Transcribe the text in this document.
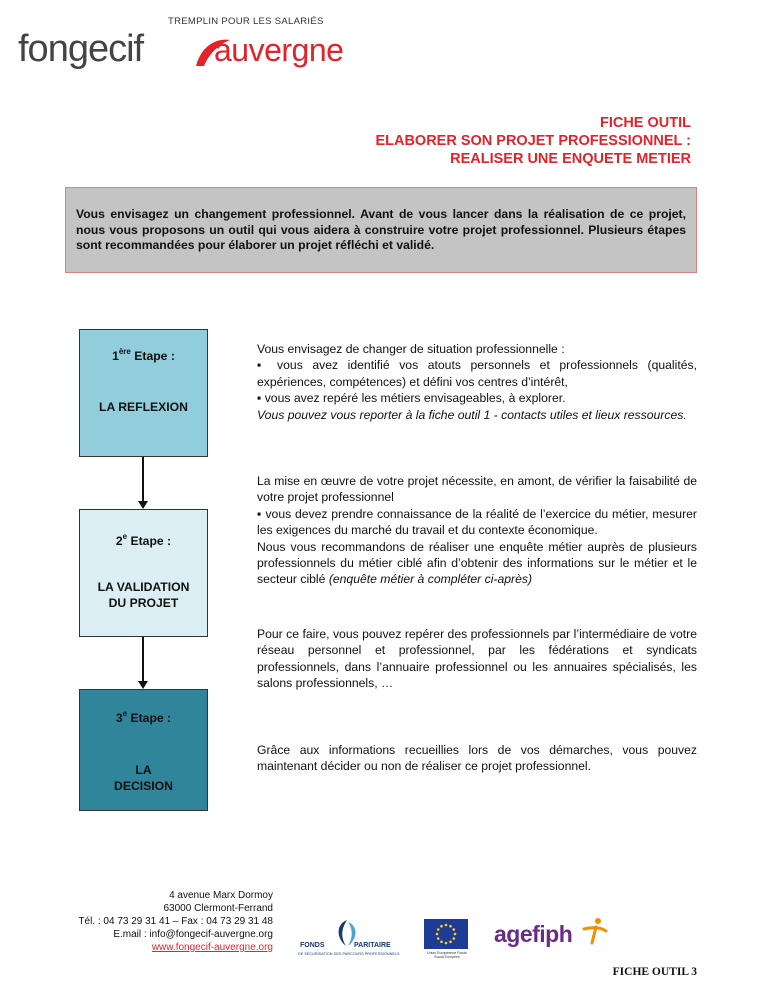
TREMPLIN POUR LES SALARIÉS
fongecif auvergne
FICHE OUTIL
ELABORER SON PROJET PROFESSIONNEL :
REALISER UNE ENQUETE METIER

Vous envisagez un changement professionnel. Avant de vous lancer dans la réalisation de ce projet, nous vous proposons un outil qui vous aidera à construire votre projet professionnel. Plusieurs étapes sont recommandées pour élaborer un projet réfléchi et validé.

1ère Etape :
LA REFLEXION
2e Etape :
LA VALIDATION
DU PROJET
3e Etape :
LA
DECISION
Vous envisagez de changer de situation professionnelle :
▪ vous avez identifié vos atouts personnels et professionnels (qualités, expériences, compétences) et défini vos centres d’intérêt,
▪ vous avez repéré les métiers envisageables, à explorer.
Vous pouvez vous reporter à la fiche outil 1 - contacts utiles et lieux ressources.
La mise en œuvre de votre projet nécessite, en amont, de vérifier la faisabilité de votre projet professionnel
▪ vous devez prendre connaissance de la réalité de l’exercice du métier, mesurer les exigences du marché du travail et du contexte économique.
Nous vous recommandons de réaliser une enquête métier auprès de plusieurs professionnels du métier ciblé afin d’obtenir des informations sur le métier et le secteur ciblé (enquête métier à compléter ci-après)
Pour ce faire, vous pouvez repérer des professionnels par l’intermédiaire de votre réseau personnel et professionnel, par les fédérations et syndicats professionnels, dans l’annuaire professionnel ou les annuaires spécialisés, les salons professionnels, …
Grâce aux informations recueillies lors de vos démarches, vous pouvez maintenant décider ou non de réaliser ce projet professionnel.
4 avenue Marx Dormoy
63000 Clermont-Ferrand
Tél. : 04 73 29 31 41 – Fax : 04 73 29 31 48
E.mail : info@fongecif-auvergne.org
www.fongecif-auvergne.org	FONDS	PARITAIRE
DE SÉCURISATION DES PARCOURS PROFESSIONNELS	Union Européenne Fonds Social Européen
agefiph
FICHE OUTIL 3
